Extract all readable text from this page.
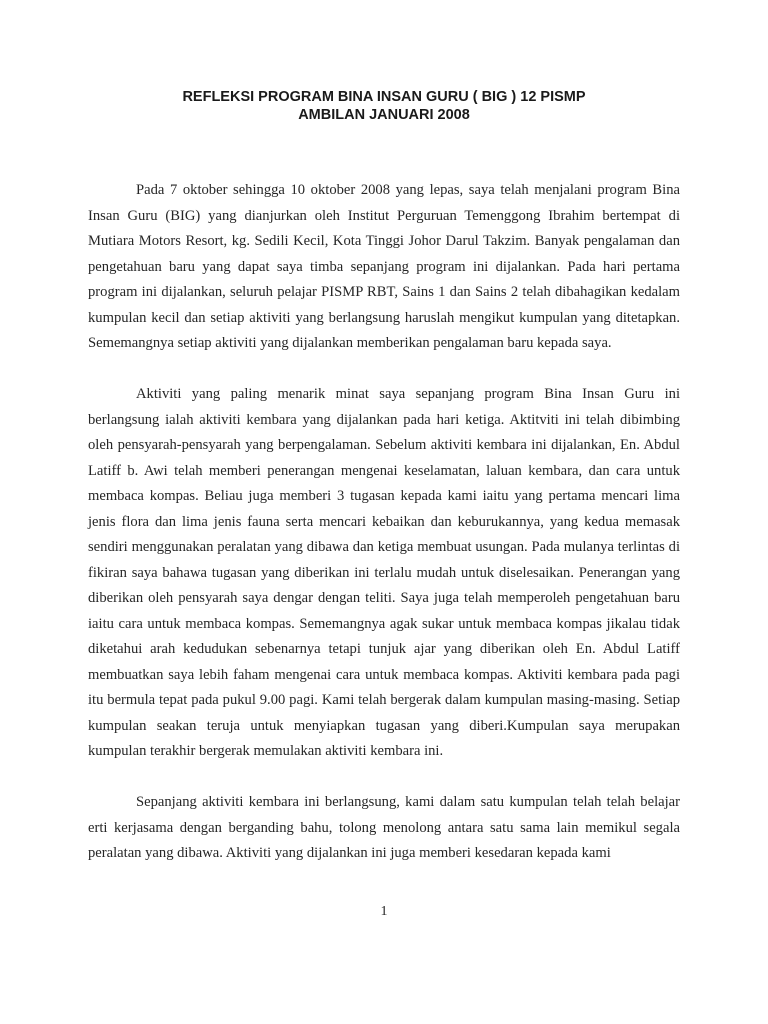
REFLEKSI PROGRAM BINA INSAN GURU ( BIG ) 12 PISMP
AMBILAN JANUARI 2008

Pada 7 oktober sehingga 10 oktober 2008 yang lepas, saya telah menjalani program Bina Insan Guru (BIG) yang dianjurkan oleh Institut Perguruan Temenggong Ibrahim bertempat di Mutiara Motors Resort, kg. Sedili Kecil, Kota Tinggi Johor Darul Takzim. Banyak pengalaman dan pengetahuan baru yang dapat saya timba sepanjang program ini dijalankan. Pada hari pertama program ini dijalankan, seluruh pelajar PISMP RBT, Sains 1 dan Sains 2 telah dibahagikan kedalam kumpulan kecil dan setiap aktiviti yang berlangsung haruslah mengikut kumpulan yang ditetapkan. Sememangnya setiap aktiviti yang dijalankan memberikan pengalaman baru kepada saya.

Aktiviti yang paling menarik minat saya sepanjang program Bina Insan Guru ini berlangsung ialah aktiviti kembara yang dijalankan pada hari ketiga. Aktitviti ini telah dibimbing oleh pensyarah-pensyarah yang berpengalaman. Sebelum aktiviti kembara ini dijalankan, En. Abdul Latiff b. Awi telah memberi penerangan mengenai keselamatan, laluan kembara, dan cara untuk membaca kompas. Beliau juga memberi 3 tugasan kepada kami iaitu yang pertama mencari lima jenis flora dan lima jenis fauna serta mencari kebaikan dan keburukannya, yang kedua memasak sendiri menggunakan peralatan yang dibawa dan ketiga membuat usungan. Pada mulanya terlintas di fikiran saya bahawa tugasan yang diberikan ini terlalu mudah untuk diselesaikan. Penerangan yang diberikan oleh pensyarah saya dengar dengan teliti. Saya juga telah memperoleh pengetahuan baru iaitu cara untuk membaca kompas. Sememangnya agak sukar untuk membaca kompas jikalau tidak diketahui arah kedudukan sebenarnya tetapi tunjuk ajar yang diberikan oleh En. Abdul Latiff membuatkan saya lebih faham mengenai cara untuk membaca kompas. Aktiviti kembara pada pagi itu bermula tepat pada pukul 9.00 pagi. Kami telah bergerak dalam kumpulan masing-masing. Setiap kumpulan seakan teruja untuk menyiapkan tugasan yang diberi.Kumpulan saya merupakan kumpulan terakhir bergerak memulakan aktiviti kembara ini.

Sepanjang aktiviti kembara ini berlangsung, kami dalam satu kumpulan telah telah belajar erti kerjasama dengan berganding bahu, tolong menolong antara satu sama lain memikul segala peralatan yang dibawa. Aktiviti yang dijalankan ini juga memberi kesedaran kepada kami

1
